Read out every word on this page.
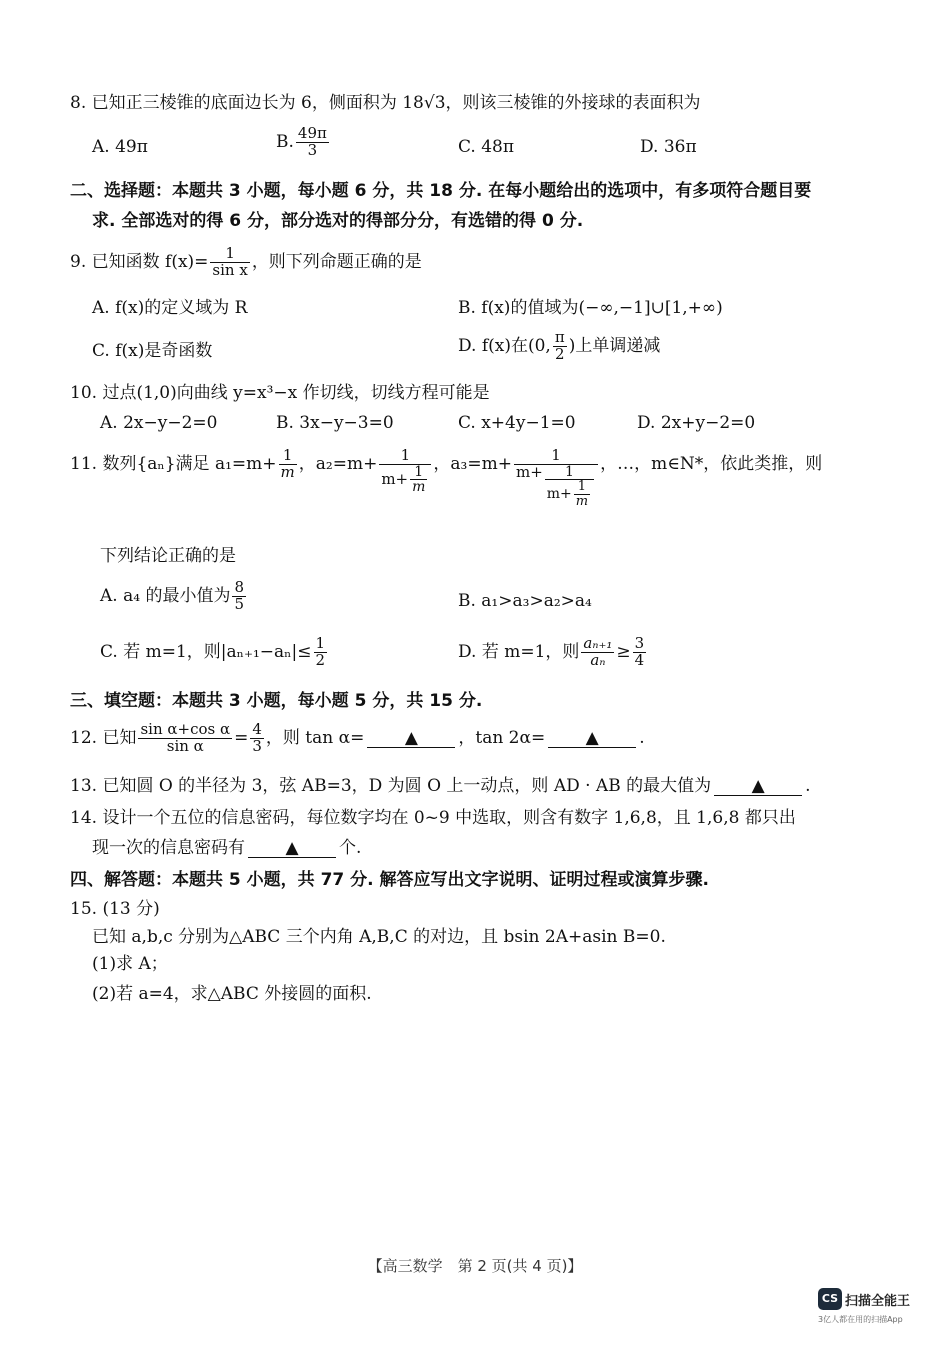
8. 已知正三棱锥的底面边长为 6，侧面积为 18√3，则该三棱锥的外接球的表面积为
A. 49π	B. $\frac{49\pi}{3}$	C. 48π	D. 36π
二、选择题：本题共 3 小题，每小题 6 分，共 18 分. 在每小题给出的选项中，有多项符合题目要
求. 全部选对的得 6 分，部分选对的得部分分，有选错的得 0 分.
9. 已知函数 $f(x)= \frac{1}{\text{sin x}}$ ，则下列命题正确的是
A. f(x)的定义域为 R	B. f(x)的值域为(−∞,−1]∪[1,+∞)
C. f(x)是奇函数	D. f(x)在(0, $\frac{\pi}{2}$ )上单调递减
10. 过点(1,0)向曲线 y=x³−x 作切线，切线方程可能是
A. 2x−y−2=0	B. 3x−y−3=0	C. x+4y−1=0	D. 2x+y−2=0
11. 数列{aₙ}满足 $a_1=m+ \frac{1}{m}$ ，$a_2=m+ \frac{1}{m+ \frac{1}{m}}$ ，$a_3=m+ \frac{1}{m+ \frac{1}{m+ \frac{1}{m}}}$ ，…，m∈N*，依此类推，则
下列结论正确的是
A. a₄ 的最小值为 $\frac{8}{5}$	B. a₁>a₃>a₂>a₄
C. 若 m=1，则$|a_{n+1}-a_n|\le \frac{1}{2}$	D. 若 m=1，则 $\frac{\text{aₙ₊₁}}{\text{aₙ}} \ge \frac{3}{4}$
三、填空题：本题共 3 小题，每小题 5 分，共 15 分.
12. 已知 $\frac{\text{sin α+cos α}}{\text{sin α}} = \frac{4}{3}$ ，则 tan α= ▲ ，tan 2α= ▲ .
13. 已知圆 O 的半径为 3，弦 AB=3，D 为圆 O 上一动点，则 AD · AB 的最大值为 ▲ .
14. 设计一个五位的信息密码，每位数字均在 0~9 中选取，则含有数字 1,6,8，且 1,6,8 都只出
现一次的信息密码有 ▲ 个.
四、解答题：本题共 5 小题，共 77 分. 解答应写出文字说明、证明过程或演算步骤.
15. (13 分)
已知 a,b,c 分别为△ABC 三个内角 A,B,C 的对边，且 bsin 2A+asin B=0.
(1)求 A；
(2)若 a=4，求△ABC 外接圆的面积.
【高三数学　第 2 页(共 4 页)】
CS 扫描全能王
3亿人都在用的扫描App
